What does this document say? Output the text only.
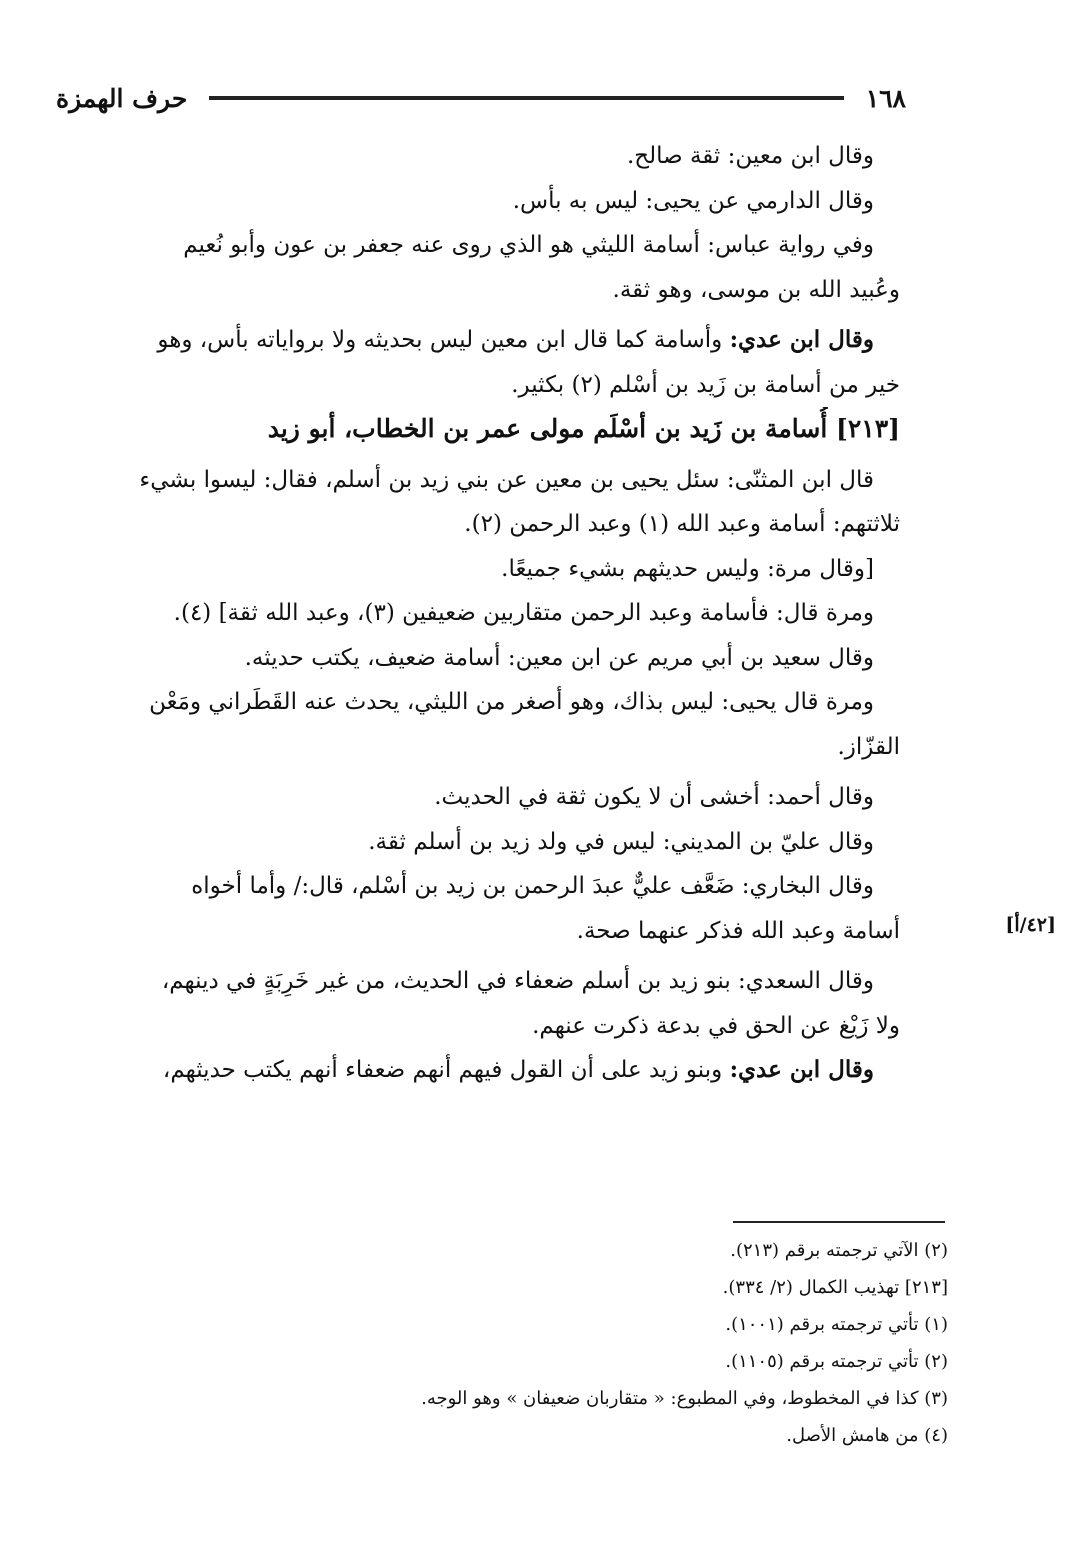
١٦٨
حرف الهمزة
وقال ابن معين: ثقة صالح.
وقال الدارمي عن يحيى: ليس به بأس.
وفي رواية عباس: أسامة الليثي هو الذي روى عنه جعفر بن عون وأبو نُعيم
وعُبيد الله بن موسى، وهو ثقة.
وقال ابن عدي: وأسامة كما قال ابن معين ليس بحديثه ولا برواياته بأس، وهو
خير من أسامة بن زَيد بن أسْلم (٢) بكثير.
[٢١٣] أُسامة بن زَيد بن أسْلَم مولى عمر بن الخطاب، أبو زيد
قال ابن المثنّى: سئل يحيى بن معين عن بني زيد بن أسلم، فقال: ليسوا بشيء
ثلاثتهم: أسامة وعبد الله (١) وعبد الرحمن (٢).
[وقال مرة: وليس حديثهم بشيء جميعًا.
ومرة قال: فأسامة وعبد الرحمن متقاربين ضعيفين (٣)، وعبد الله ثقة] (٤).
وقال سعيد بن أبي مريم عن ابن معين: أسامة ضعيف، يكتب حديثه.
ومرة قال يحيى: ليس بذاك، وهو أصغر من الليثي، يحدث عنه القَطَراني ومَعْن
القزّاز.
وقال أحمد: أخشى أن لا يكون ثقة في الحديث.
وقال عليّ بن المديني: ليس في ولد زيد بن أسلم ثقة.
وقال البخاري: ضَعَّف عليٌّ عبدَ الرحمن بن زيد بن أسْلم، قال:/ وأما أخواه
أسامة وعبد الله فذكر عنهما صحة.
وقال السعدي: بنو زيد بن أسلم ضعفاء في الحديث، من غير خَرِبَةٍ في دينهم،
ولا زَيْغ عن الحق في بدعة ذكرت عنهم.
وقال ابن عدي: وبنو زيد على أن القول فيهم أنهم ضعفاء أنهم يكتب حديثهم،
[٤٢/أ]
(٢) الآتي ترجمته برقم (٢١٣).
[٢١٣] تهذيب الكمال (٢/ ٣٣٤).
(١) تأتي ترجمته برقم (١٠٠١).
(٢) تأتي ترجمته برقم (١١٠٥).
(٣) كذا في المخطوط، وفي المطبوع: « متقاربان ضعيفان » وهو الوجه.
(٤) من هامش الأصل.
